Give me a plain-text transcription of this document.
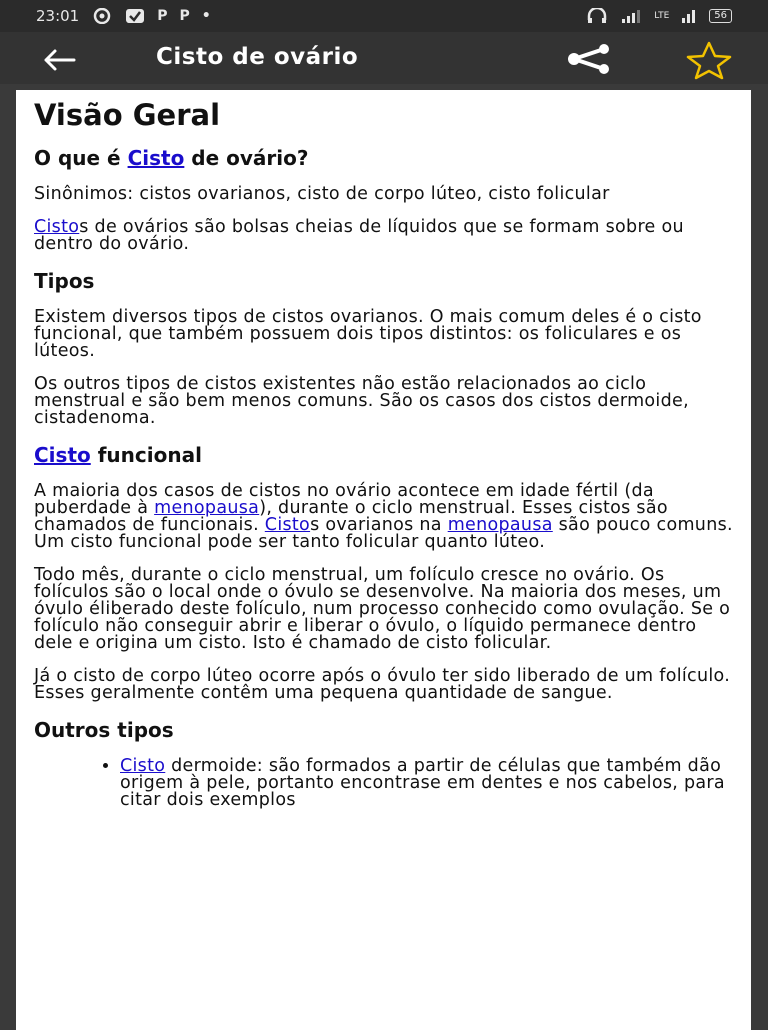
23:01	P P •	LTE	56
Cisto de ovário
Visão Geral
O que é Cisto de ovário?

Sinônimos: cistos ovarianos, cisto de corpo lúteo, cisto folicular

Cistos de ovários são bolsas cheias de líquidos que se formam sobre ou dentro do ovário.

Tipos

Existem diversos tipos de cistos ovarianos. O mais comum deles é o cisto funcional, que também possuem dois tipos distintos: os foliculares e os lúteos.

Os outros tipos de cistos existentes não estão relacionados ao ciclo menstrual e são bem menos comuns. São os casos dos cistos dermoide, cistadenoma.

Cisto funcional

A maioria dos casos de cistos no ovário acontece em idade fértil (da puberdade à menopausa), durante o ciclo menstrual. Esses cistos são chamados de funcionais. Cistos ovarianos na menopausa são pouco comuns. Um cisto funcional pode ser tanto folicular quanto lúteo.

Todo mês, durante o ciclo menstrual, um folículo cresce no ovário. Os folículos são o local onde o óvulo se desenvolve. Na maioria dos meses, um óvulo éliberado deste folículo, num processo conhecido como ovulação. Se o folículo não conseguir abrir e liberar o óvulo, o líquido permanece dentro dele e origina um cisto. Isto é chamado de cisto folicular.

Já o cisto de corpo lúteo ocorre após o óvulo ter sido liberado de um folículo. Esses geralmente contêm uma pequena quantidade de sangue.

Outros tipos
• Cisto dermoide: são formados a partir de células que também dão origem à pele, portanto encontrase em dentes e nos cabelos, para citar dois exemplos
